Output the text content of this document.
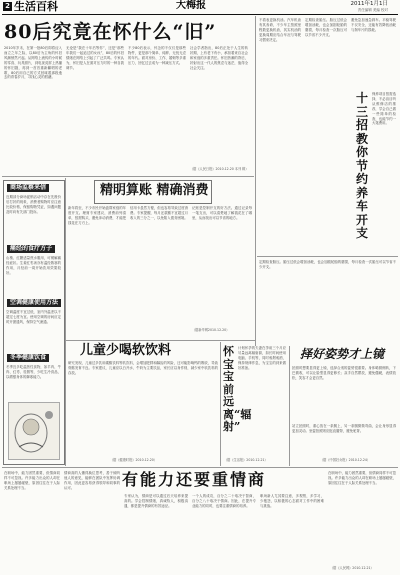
2 生活百科	大梅报	2011年1月1日
责任编辑 美编 校对
80后究竟在怀什么“旧”
2010年岁末，在第一批80后即将迈入而立之年之际，以80后为主角的怀旧风潮悄然兴起。从网络上流传的小时候的零食、玩具照片，到电视荧屏上热播的怀旧剧，再到一首首重新翻唱的老歌，80后用自己的方式回味着那段逝去的青春岁月，寻找心灵的慰藉。
无论是“我在十年后等你”，还是“那些年我们一起追过的女孩”，80后的怀旧情绪在网络上引起了广泛共鸣。专家认为，怀旧是人在面对压力时的一种自我调节。
不少80后表示，怀念的不仅仅是那些物件，更是那个简单、纯粹、无忧无虑的年代。面对房价、工作、婚姻等多重压力，回忆过去成为一种减压方式。
社会学者指出，80后正处于人生的转折期，上有老下有小，承担着来自社会和家庭的多重责任。怀旧热潮的背后，折射出这一代人的焦虑与迷茫，值得全社会关注。
（据《人民日报》2010.12.20 本刊 辑）
不看表更换机油。汽车机油有其寿命，不少车主按照里程数更换机油，其实机油的更换周期应结合车况与驾驶习惯来决定。
定期检查胎压。胎压过低会增加油耗，也会加剧轮胎的磨损，每月检查一次胎压可以节省不少开支。
避免急加速急刹车。平稳驾驶不仅安全，还能有效降低油耗与刹车片的损耗。
十三招教你节约养车开支
保养项目按需选择，不必盲目听从维修店的推荐，学会自己做一些简单的检查，也能节约一大笔费用。
定期检查胎压。胎压过低会增加油耗，也会加剧轮胎的磨损，每月检查一次胎压可以节省不少开支。
商场监察来信
近期部分商场促销活动中存在先涨价后打折的现象，消费者购物时应注意比较价格，保留购物凭证，如遇问题及时向有关部门投诉。
痛经的食疗方子
山楂、红糖适量煎水服用，可缓解痛经症状。生姜红枣汤亦有温经散寒的作用，月经前一周开始饮用效果较好。
空调健康使用方法
空调温度不宜过低，室内外温差以不超过七度为宜。使用空调的房间应定时开窗通风，保持空气流通。
冬季健康饮食
冬季宜多吃温热性食物，如羊肉、牛肉、红枣、桂圆等，少吃生冷食品，以增强身体的御寒能力。
精明算账 精确消费
新年将至，不少市民开始盘算家庭的年度开支。理财专家建议，消费前列清单，按需购买，避免冲动消费，才能把钱花在刀刃上。
信用卡虽然方便，但也容易导致过度消费。专家提醒，每月还款额不宜超过月收入的三分之一，以免陷入债务困境。
记账是控制开支的好方法。通过记录每一笔支出，可以清楚地了解钱花在了哪里，从而找出可以节省的地方。
（据新华网2010.12.20）
儿童少喝软饮料
研究发现，儿童过多饮用碳酸饮料等软饮料，会增加肥胖和龋齿的风险，还可能影响钙的吸收，导致骨骼发育不良。专家建议，儿童应以白开水、牛奶为主要饮品，家长应以身作则，减少家中软饮料的存放。
（据《健康时报》2010.12.20）
怀宝宝前远离“辐射”
计划怀孕的夫妻在孕前三个月应尽量远离辐射源，如长时间使用电脑、手机等，同时戒烟戒酒，保持规律作息，为宝宝的到来做好准备。
（据《生活报》2010.12.21）
择好姿势才上镜
拍照时想要显得更上镜，选择合适的姿势很重要。身体略微侧转，下巴微收，可以让脸型显得更修长；双手自然摆放，避免僵硬，表情放松，笑容才会更自然。
站立拍照时，重心放在一条腿上，另一条腿微微弯曲，会让身形显得更加灵动。坐姿拍照则应挺直腰背，避免驼背。
（据《中国妇女报》2010.12.24）
在职场中，能力固然重要，但情商同样不可忽视。许多能力出众的人却在职场上屡屡碰壁，原因往往在于人际关系处理不当。
情商高的人懂得换位思考，善于倾听他人的意见，能够在团队中发挥协调作用，因此更容易获得领导和同事的认可。	有能力还要重情商
专家认为，情商是可以通过后天培养来提高的。学会控制情绪，真诚待人，积极沟通，都是提升情商的有效途径。
一个人的成功，百分之二十取决于智商，百分之八十取决于情商。因此，在提升专业能力的同时，也要注重情商的培养。
职场新人尤其要注意，多观察，多学习，少抱怨，以积极的心态面对工作中的困难与挑战。
在职场中，能力固然重要，但情商同样不可忽视。许多能力出众的人却在职场上屡屡碰壁，原因往往在于人际关系处理不当。
（据《人民网》2010.12.21）
